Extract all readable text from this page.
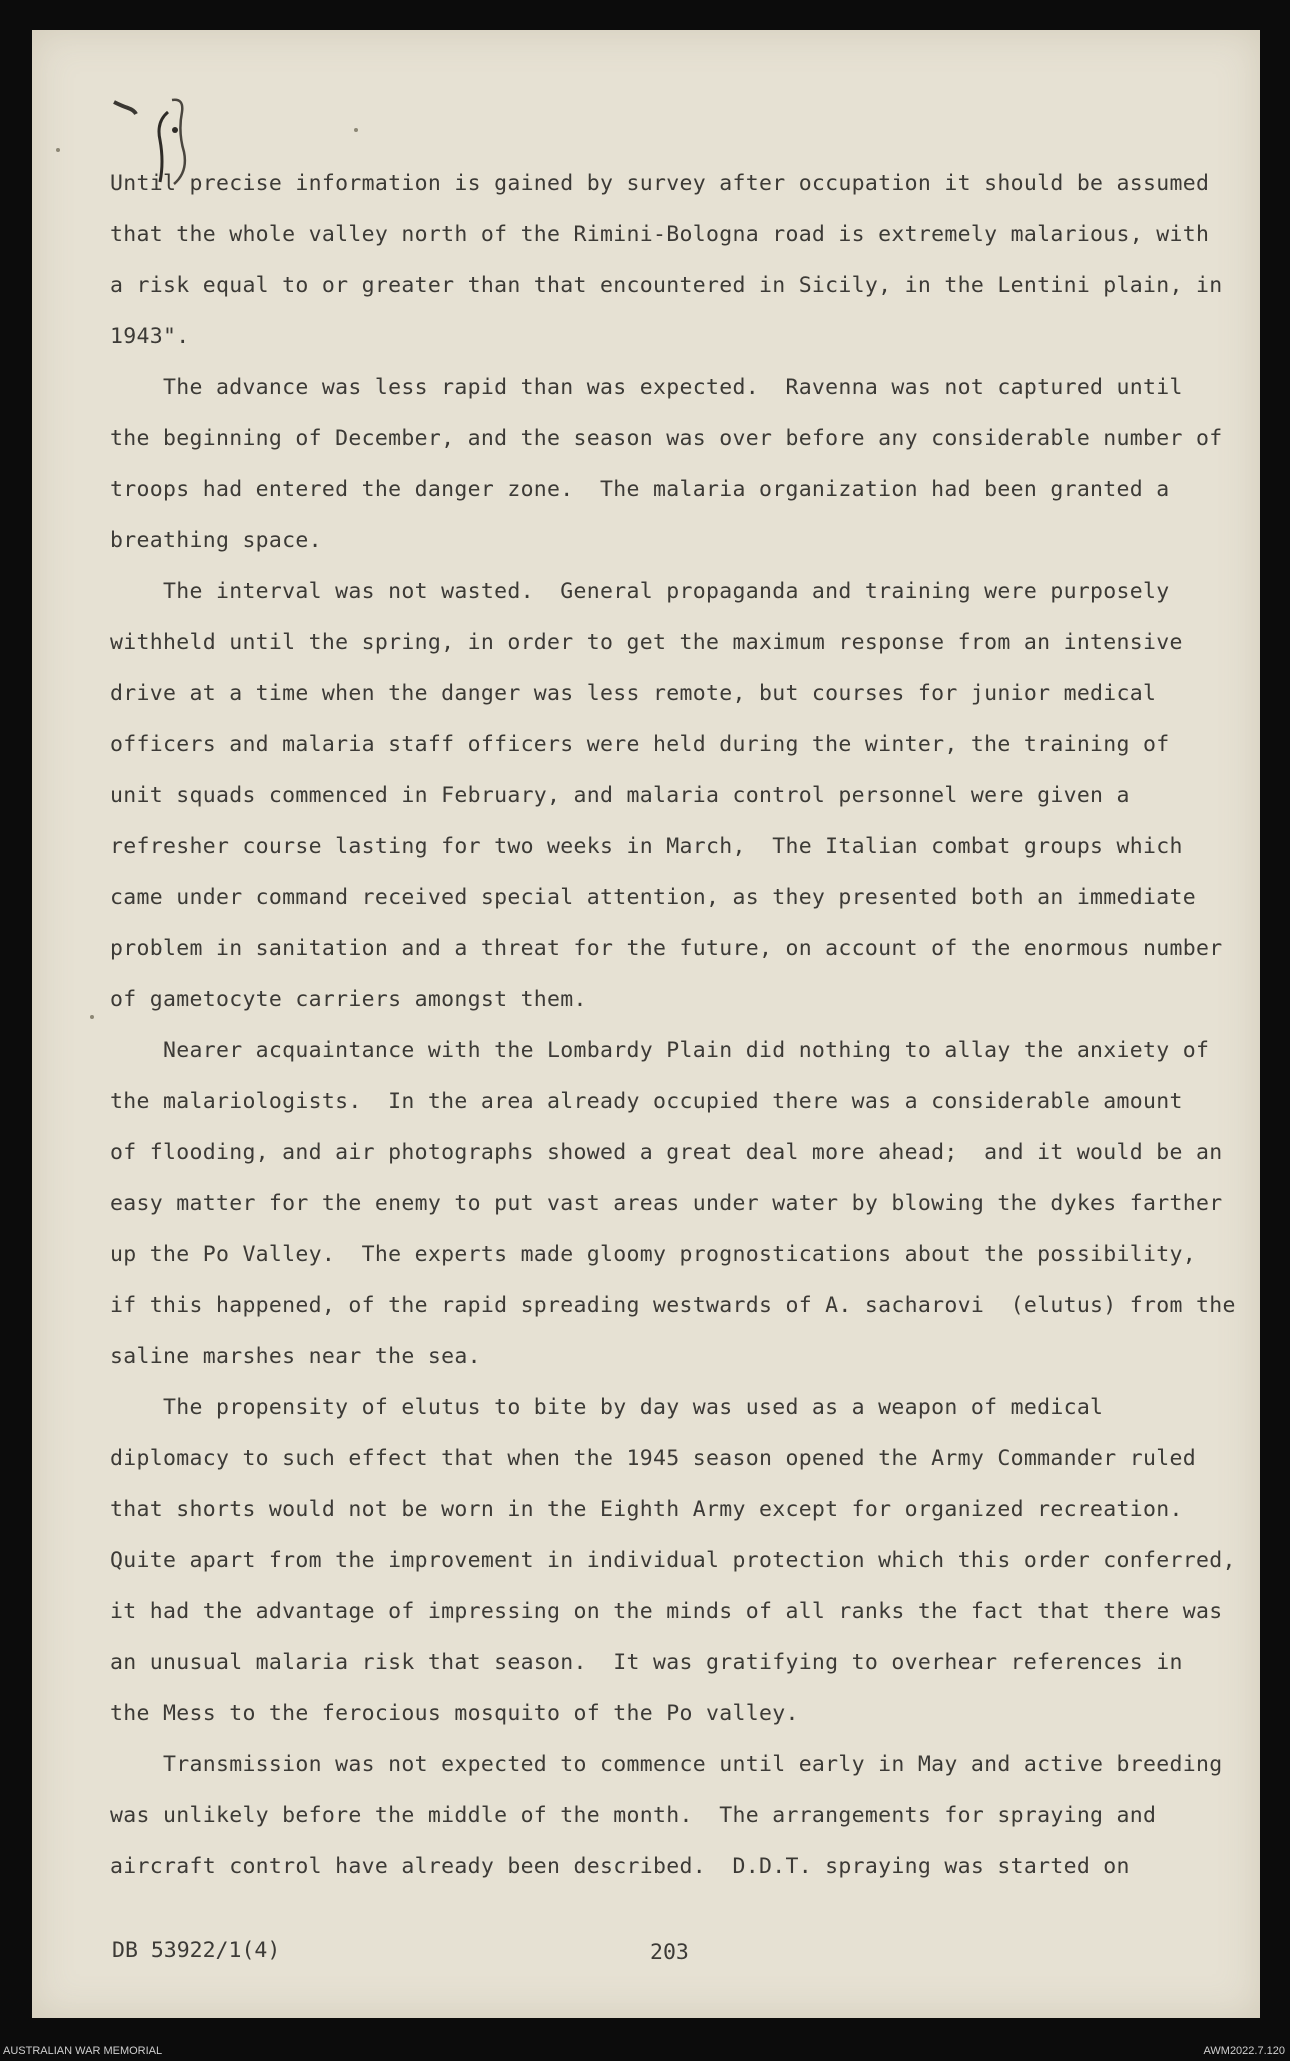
Until precise information is gained by survey after occupation it should be assumed
that the whole valley north of the Rimini-Bologna road is extremely malarious, with
a risk equal to or greater than that encountered in Sicily, in the Lentini plain, in
1943".
The advance was less rapid than was expected.  Ravenna was not captured until
the beginning of December, and the season was over before any considerable number of
troops had entered the danger zone.  The malaria organization had been granted a
breathing space.
The interval was not wasted.  General propaganda and training were purposely
withheld until the spring, in order to get the maximum response from an intensive
drive at a time when the danger was less remote, but courses for junior medical
officers and malaria staff officers were held during the winter, the training of
unit squads commenced in February, and malaria control personnel were given a
refresher course lasting for two weeks in March,  The Italian combat groups which
came under command received special attention, as they presented both an immediate
problem in sanitation and a threat for the future, on account of the enormous number
of gametocyte carriers amongst them.
Nearer acquaintance with the Lombardy Plain did nothing to allay the anxiety of
the malariologists.  In the area already occupied there was a considerable amount
of flooding, and air photographs showed a great deal more ahead;  and it would be an
easy matter for the enemy to put vast areas under water by blowing the dykes farther
up the Po Valley.  The experts made gloomy prognostications about the possibility,
if this happened, of the rapid spreading westwards of A. sacharovi  (elutus) from the
saline marshes near the sea.
The propensity of elutus to bite by day was used as a weapon of medical
diplomacy to such effect that when the 1945 season opened the Army Commander ruled
that shorts would not be worn in the Eighth Army except for organized recreation.
Quite apart from the improvement in individual protection which this order conferred,
it had the advantage of impressing on the minds of all ranks the fact that there was
an unusual malaria risk that season.  It was gratifying to overhear references in
the Mess to the ferocious mosquito of the Po valley.
Transmission was not expected to commence until early in May and active breeding
was unlikely before the middle of the month.  The arrangements for spraying and
aircraft control have already been described.  D.D.T. spraying was started on
DB 53922/1(4)	203
AUSTRALIAN WAR MEMORIAL	AWM2022.7.120
